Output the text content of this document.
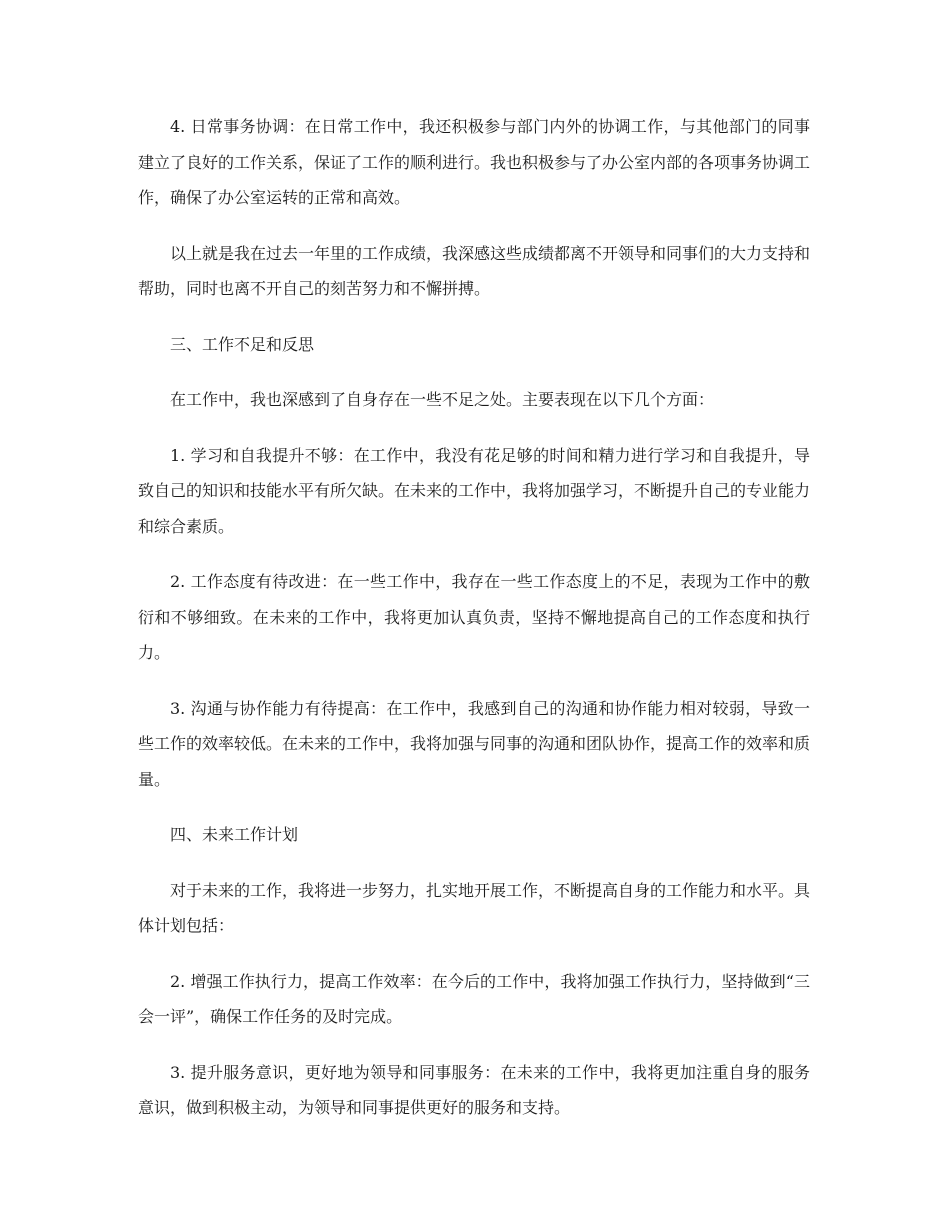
4. 日常事务协调：在日常工作中，我还积极参与部门内外的协调工作，与其他部门的同事建立了良好的工作关系，保证了工作的顺利进行。我也积极参与了办公室内部的各项事务协调工作，确保了办公室运转的正常和高效。

以上就是我在过去一年里的工作成绩，我深感这些成绩都离不开领导和同事们的大力支持和帮助，同时也离不开自己的刻苦努力和不懈拼搏。

三、工作不足和反思

在工作中，我也深感到了自身存在一些不足之处。主要表现在以下几个方面：

1. 学习和自我提升不够：在工作中，我没有花足够的时间和精力进行学习和自我提升，导致自己的知识和技能水平有所欠缺。在未来的工作中，我将加强学习，不断提升自己的专业能力和综合素质。

2. 工作态度有待改进：在一些工作中，我存在一些工作态度上的不足，表现为工作中的敷衍和不够细致。在未来的工作中，我将更加认真负责，坚持不懈地提高自己的工作态度和执行力。

3. 沟通与协作能力有待提高：在工作中，我感到自己的沟通和协作能力相对较弱，导致一些工作的效率较低。在未来的工作中，我将加强与同事的沟通和团队协作，提高工作的效率和质量。

四、未来工作计划

对于未来的工作，我将进一步努力，扎实地开展工作，不断提高自身的工作能力和水平。具体计划包括：

2. 增强工作执行力，提高工作效率：在今后的工作中，我将加强工作执行力，坚持做到“三会一评”，确保工作任务的及时完成。

3. 提升服务意识，更好地为领导和同事服务：在未来的工作中，我将更加注重自身的服务意识，做到积极主动，为领导和同事提供更好的服务和支持。
